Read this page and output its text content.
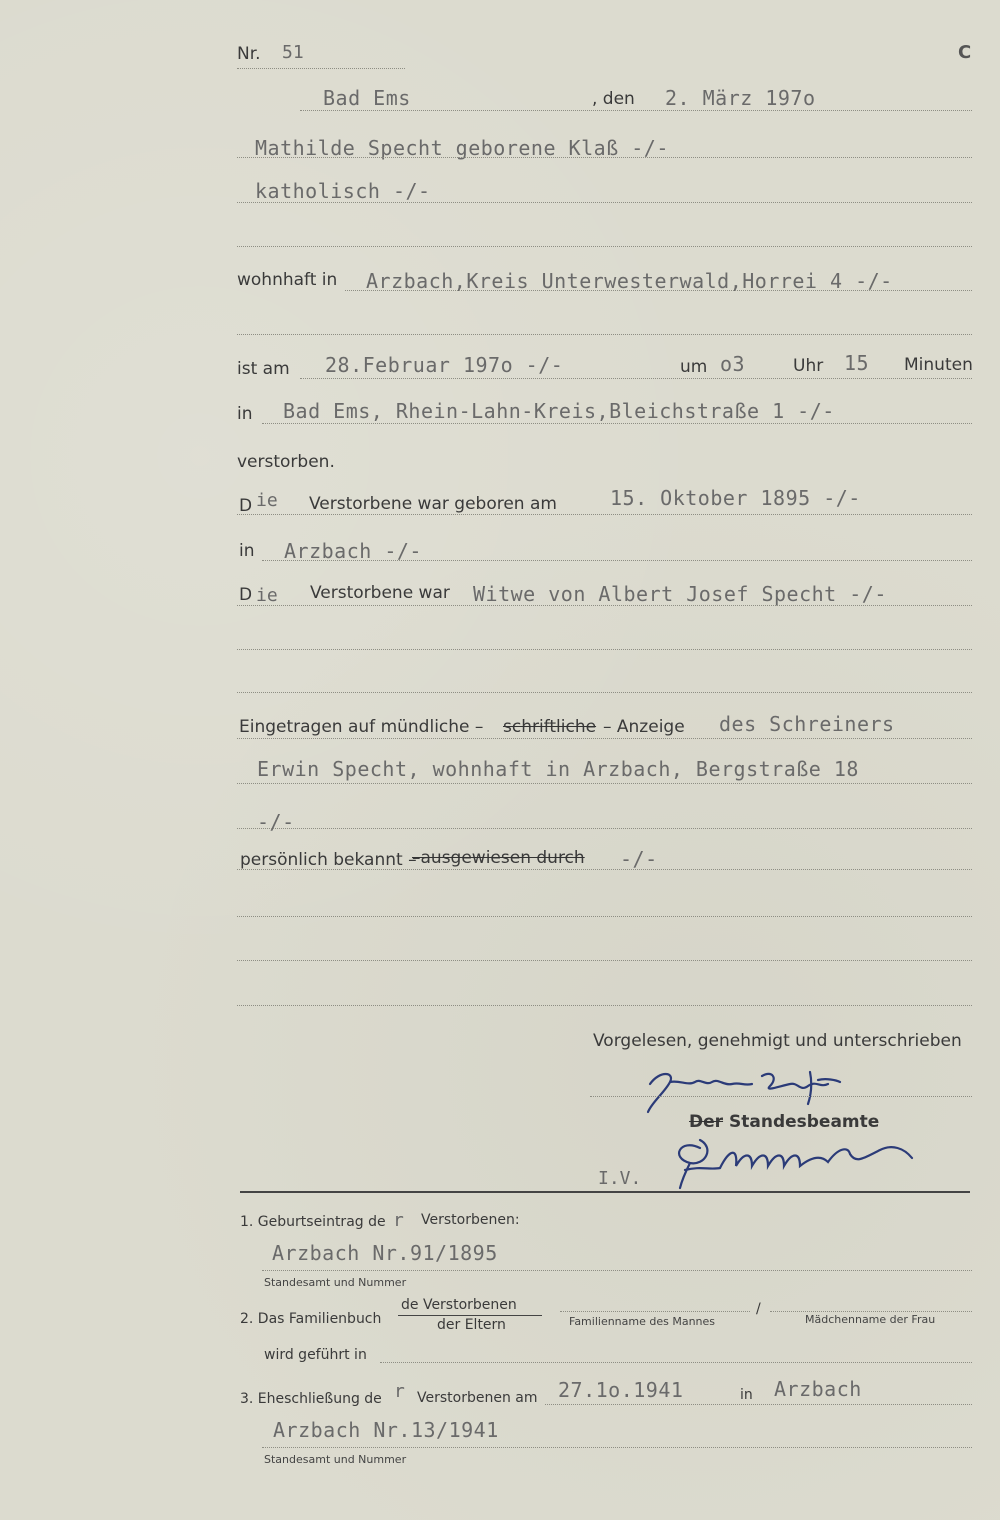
Nr. 51	C
Bad Ems	, den 2. März 197o
Mathilde Specht geborene Klaß -/-
katholisch -/-
wohnhaft in Arzbach,Kreis Unterwesterwald,Horrei 4 -/-
ist am 28.Februar 197o -/-	um o3	Uhr 15 Minuten
in Bad Ems, Rhein-Lahn-Kreis,Bleichstraße 1 -/-
verstorben.
D ie Verstorbene war geboren am	15. Oktober 1895 -/-
in Arzbach -/-
D ie Verstorbene war Witwe von Albert Josef Specht -/-
Eingetragen auf mündliche – schriftliche – Anzeige des Schreiners
Erwin Specht, wohnhaft in Arzbach, Bergstraße 18
-/-
persönlich bekannt –
–ausgewiesen durch -/-
Vorgelesen, genehmigt und unterschrieben
Der Standesbeamte
I.V.
1. Geburtseintrag de r Verstorbenen:
Arzbach Nr.91/1895
Standesamt und Nummer
2. Das Familienbuch
de Verstorbenen
der Eltern	Familienname des Mannes
/
Mädchenname der Frau
wird geführt in
3. Eheschließung de r Verstorbenen am 27.1o.1941	in Arzbach
Arzbach Nr.13/1941
Standesamt und Nummer
